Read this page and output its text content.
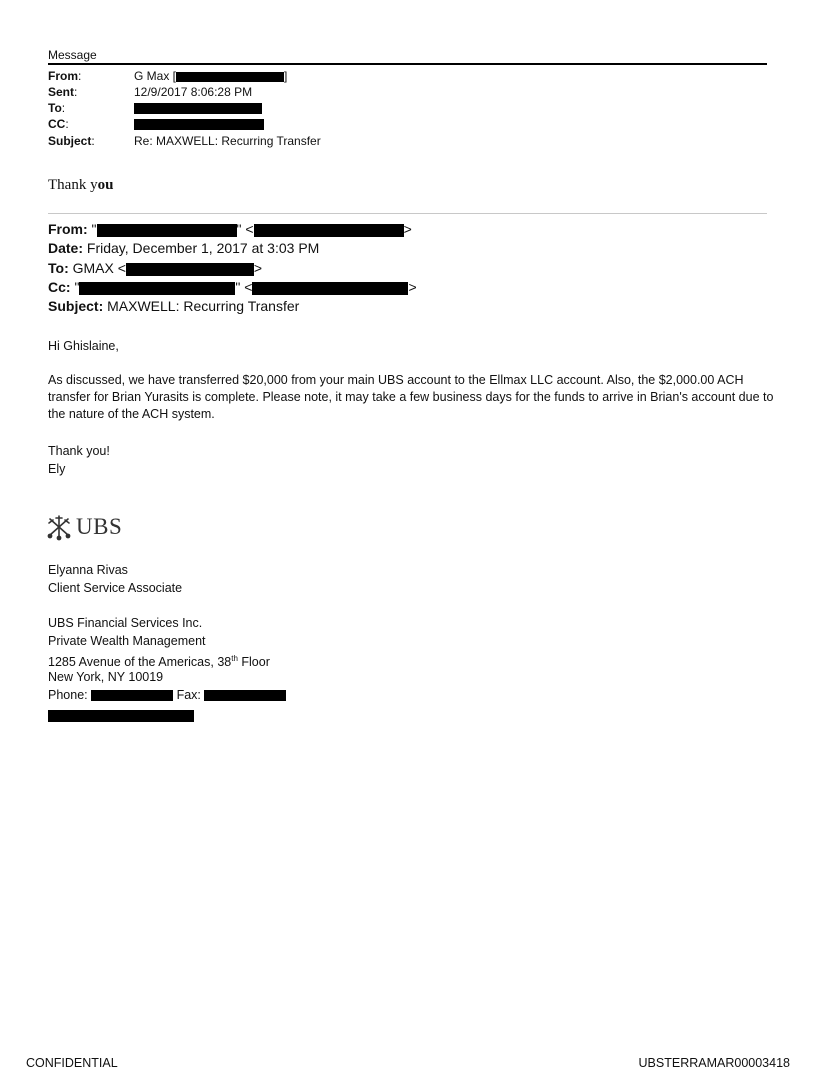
Message
From:	G Max [	]
Sent:	12/9/2017 8:06:28 PM
To:
CC:
Subject:	Re: MAXWELL: Recurring Transfer
Thank you
From: "	" <	>
Date: Friday, December 1, 2017 at 3:03 PM
To: GMAX <	>
Cc: "	" <	>
Subject: MAXWELL: Recurring Transfer
Hi Ghislaine,
As discussed, we have transferred $20,000 from your main UBS account to the Ellmax LLC account. Also, the $2,000.00 ACH transfer for Brian Yurasits is complete. Please note, it may take a few business days for the funds to arrive in Brian's account due to the nature of the ACH system.
Thank you!
Ely
UBS
Elyanna Rivas
Client Service Associate
UBS Financial Services Inc.
Private Wealth Management
1285 Avenue of the Americas, 38th Floor
New York, NY 10019
Phone:	Fax:
CONFIDENTIAL	UBSTERRAMAR00003418
